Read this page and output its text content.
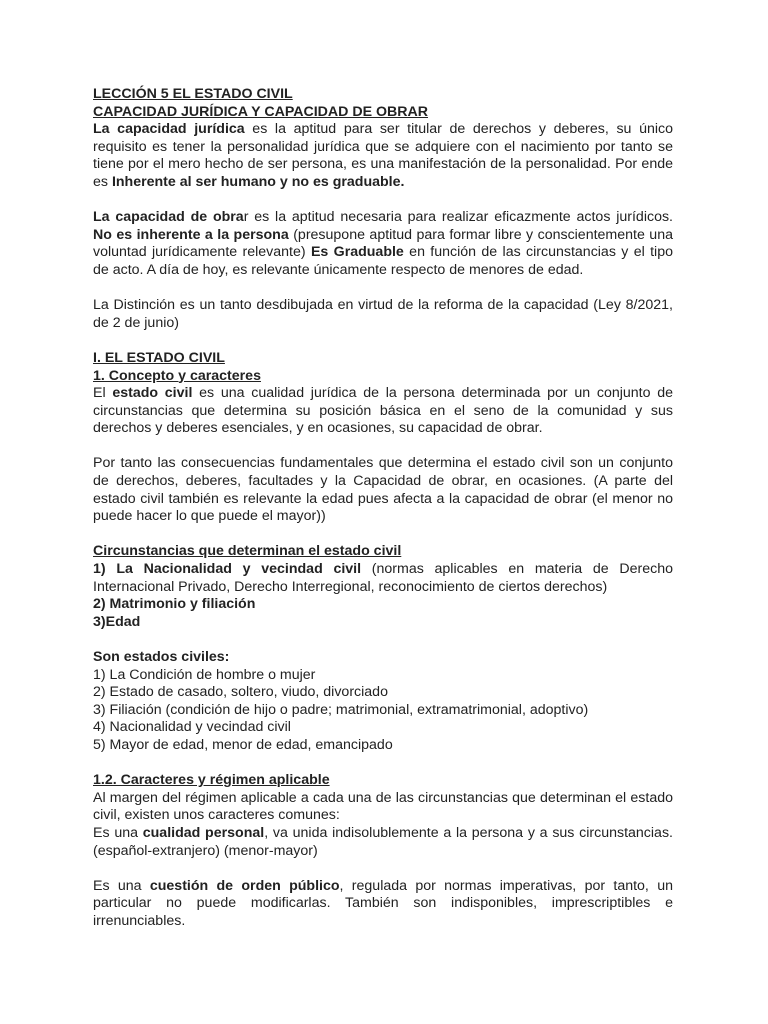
LECCIÓN 5 EL ESTADO CIVIL

CAPACIDAD JURÍDICA Y CAPACIDAD DE OBRAR

La capacidad jurídica es la aptitud para ser titular de derechos y deberes, su único requisito es tener la personalidad jurídica que se adquiere con el nacimiento por tanto se tiene por el mero hecho de ser persona, es una manifestación de la personalidad. Por ende es Inherente al ser humano y no es graduable.

La capacidad de obrar es la aptitud necesaria para realizar eficazmente actos jurídicos. No es inherente a la persona (presupone aptitud para formar libre y conscientemente una voluntad jurídicamente relevante) Es Graduable en función de las circunstancias y el tipo de acto. A día de hoy, es relevante únicamente respecto de menores de edad.

La Distinción es un tanto desdibujada en virtud de la reforma de la capacidad (Ley 8/2021, de 2 de junio)

I. EL ESTADO CIVIL

1. Concepto y caracteres

El estado civil es una cualidad jurídica de la persona determinada por un conjunto de circunstancias que determina su posición básica en el seno de la comunidad y sus derechos y deberes esenciales, y en ocasiones, su capacidad de obrar.

Por tanto las consecuencias fundamentales que determina el estado civil son un conjunto de derechos, deberes, facultades y la Capacidad de obrar, en ocasiones. (A parte del estado civil también es relevante la edad pues afecta a la capacidad de obrar (el menor no puede hacer lo que puede el mayor))

Circunstancias que determinan el estado civil

1) La Nacionalidad y vecindad civil (normas aplicables en materia de Derecho Internacional Privado, Derecho Interregional, reconocimiento de ciertos derechos)

2) Matrimonio y filiación

3)Edad

Son estados civiles:

1) La Condición de hombre o mujer

2) Estado de casado, soltero, viudo, divorciado

3) Filiación (condición de hijo o padre; matrimonial, extramatrimonial, adoptivo)

4) Nacionalidad y vecindad civil

5) Mayor de edad, menor de edad, emancipado

1.2. Caracteres y régimen aplicable

Al margen del régimen aplicable a cada una de las circunstancias que determinan el estado civil, existen unos caracteres comunes:

Es una cualidad personal, va unida indisolublemente a la persona y a sus circunstancias. (español-extranjero) (menor-mayor)

Es una cuestión de orden público, regulada por normas imperativas, por tanto, un particular no puede modificarlas. También son indisponibles, imprescriptibles e irrenunciables.
